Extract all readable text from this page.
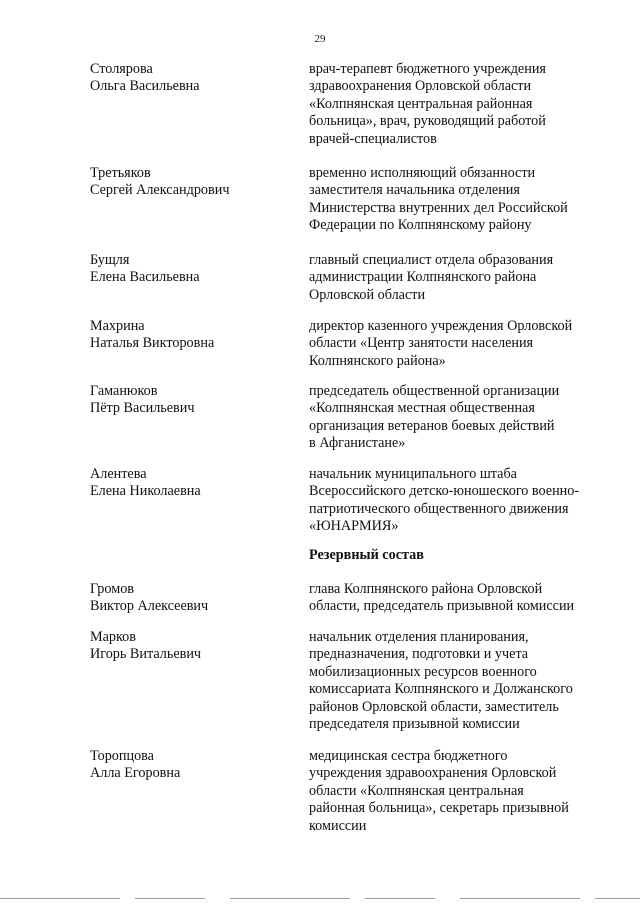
29
Столярова
Ольга Васильевна
врач-терапевт бюджетного учреждения
здравоохранения Орловской области
«Колпнянская центральная районная
больница», врач, руководящий работой
врачей-специалистов
Третьяков
Сергей Александрович
временно исполняющий обязанности
заместителя начальника отделения
Министерства внутренних дел Российской
Федерации по Колпнянскому району
Бущля
Елена Васильевна
главный специалист отдела образования
администрации Колпнянского района
Орловской области
Махрина
Наталья Викторовна
директор казенного учреждения Орловской
области «Центр занятости населения
Колпнянского района»
Гаманюков
Пётр Васильевич
председатель общественной организации
«Колпнянская местная общественная
организация ветеранов боевых действий
в Афганистане»
Алентева
Елена Николаевна
начальник муниципального штаба
Всероссийского детско-юношеского военно-
патриотического общественного движения
«ЮНАРМИЯ»
Резервный состав
Громов
Виктор Алексеевич
глава Колпнянского района Орловской
области, председатель призывной комиссии
Марков
Игорь Витальевич
начальник отделения планирования,
предназначения, подготовки и учета
мобилизационных ресурсов военного
комиссариата Колпнянского и Должанского
районов Орловской области, заместитель
председателя призывной комиссии
Торопцова
Алла Егоровна
медицинская сестра бюджетного
учреждения здравоохранения Орловской
области «Колпнянская центральная
районная больница», секретарь призывной
комиссии
